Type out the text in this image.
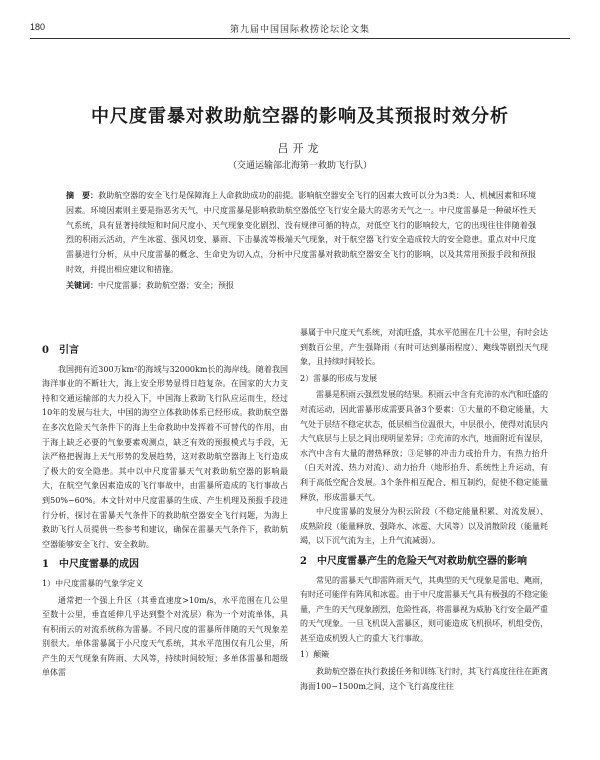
180	第九届中国国际救捞论坛论文集
中尺度雷暴对救助航空器的影响及其预报时效分析
吕开龙
（交通运输部北海第一救助飞行队）

摘　要：救助航空器的安全飞行是保障海上人命救助成功的前提。影响航空器安全飞行的因素大致可以分为3类：人、机械因素和环境因素。环境因素则主要是指恶劣天气，中尺度雷暴是影响救助航空器低空飞行安全最大的恶劣天气之一。中尺度雷暴是一种破坏性天气系统，具有显著持续短和时间尺度小、天气现象变化剧烈、没有规律可循的特点，对低空飞行的影响较大，它的出现往往伴随着强烈的积雨云活动，产生冰雹、强风切变、暴雨、下击暴流等极端天气现象，对于航空器飞行安全造成较大的安全隐患。重点对中尺度雷暴进行分析，从中尺度雷暴的概念、生命史为切入点，分析中尺度雷暴对救助航空器安全飞行的影响，以及其常用预报手段和预报时效，并提出相应建议和措施。

关键词：中尺度雷暴；救助航空器；安全；预报

0　引言

我国拥有近300万km²的海域与32000km长的海岸线。随着我国海洋事业的不断壮大，海上安全形势显得日趋复杂。在国家的大力支持和交通运输部的大力投入下，中国海上救助飞行队应运而生，经过10年的发展与壮大，中国的海空立体救助体系已经形成。救助航空器在多次危险天气条件下的海上生命救助中发挥着不可替代的作用，由于海上缺乏必要的气象要素观测点，缺乏有效的预报模式与手段，无法严格把握海上天气形势的发展趋势，这对救助航空器海上飞行造成了极大的安全隐患。其中以中尺度雷暴天气对救助航空器的影响最大，在航空气象因素造成的飞行事故中，由雷暴所造成的飞行事故占到50%~60%。本文针对中尺度雷暴的生成、产生机理及预报手段进行分析，探讨在雷暴天气条件下的救助航空器安全飞行问题，为海上救助飞行人员提供一些参考和建议，确保在雷暴天气条件下，救助航空器能够安全飞行、安全救助。

1　中尺度雷暴的成因
1）中尺度雷暴的气象学定义

通常把一个强上升区（其垂直速度>10m/s，水平范围在几公里至数十公里，垂直延伸几乎达到整个对流层）称为一个对流单体，具有积雨云的对流系统称为雷暴。不同尺度的雷暴所伴随的天气现象差别很大。单体雷暴属于小尺度天气系统，其水平范围仅有几公里，所产生的天气现象有阵雨、大风等，持续时间较短；多单体雷暴和超级单体雷

暴属于中尺度天气系统，对流旺盛，其水平范围在几十公里，有时会达到数百公里，产生强降雨（有时可达到暴雨程度）、飑线等剧烈天气现象，且持续时间较长。

2）雷暴的形成与发展

雷暴是积雨云强烈发展的结果。积雨云中含有充沛的水汽和旺盛的对流运动，因此雷暴形成需要具备3个要素：①大量的不稳定能量，大气处于层结不稳定状态，低层相当位温很大，中层很小，使得对流层内大气底层与上层之间出现明显差异；②充沛的水汽，地面附近有湿层，水汽中含有大量的潜热释放；③足够的冲击力或抬升力，有热力抬升（白天对流、热力对流）、动力抬升（地形抬升、系统性上升运动，有利于高低空配合发展。3个条件相互配合、相互制约，促使不稳定能量释放，形成雷暴天气。

中尺度雷暴的发展分为积云阶段（不稳定能量积累、对流发展）、成熟阶段（能量释放、强降水、冰雹、大风等）以及消散阶段（能量耗竭，以下沉气流为主，上升气流减弱）。

2　中尺度雷暴产生的危险天气对救助航空器的影响

常见的雷暴天气即雷阵雨天气，其典型的天气现象是雷电、飑雨，有时还可能伴有阵风和冰雹。由于中尺度雷暴天气具有极强的不稳定能量，产生的天气现象剧烈，危险性高，将雷暴视为威胁飞行安全最严重的天气现象。一旦飞机误入雷暴区，则可能造成飞机损坏，机组受伤，甚至造成机毁人亡的重大飞行事故。

1）颠簸

救助航空器在执行救援任务和训练飞行时，其飞行高度往往在距离海面100~1500m之间，这个飞行高度往往
